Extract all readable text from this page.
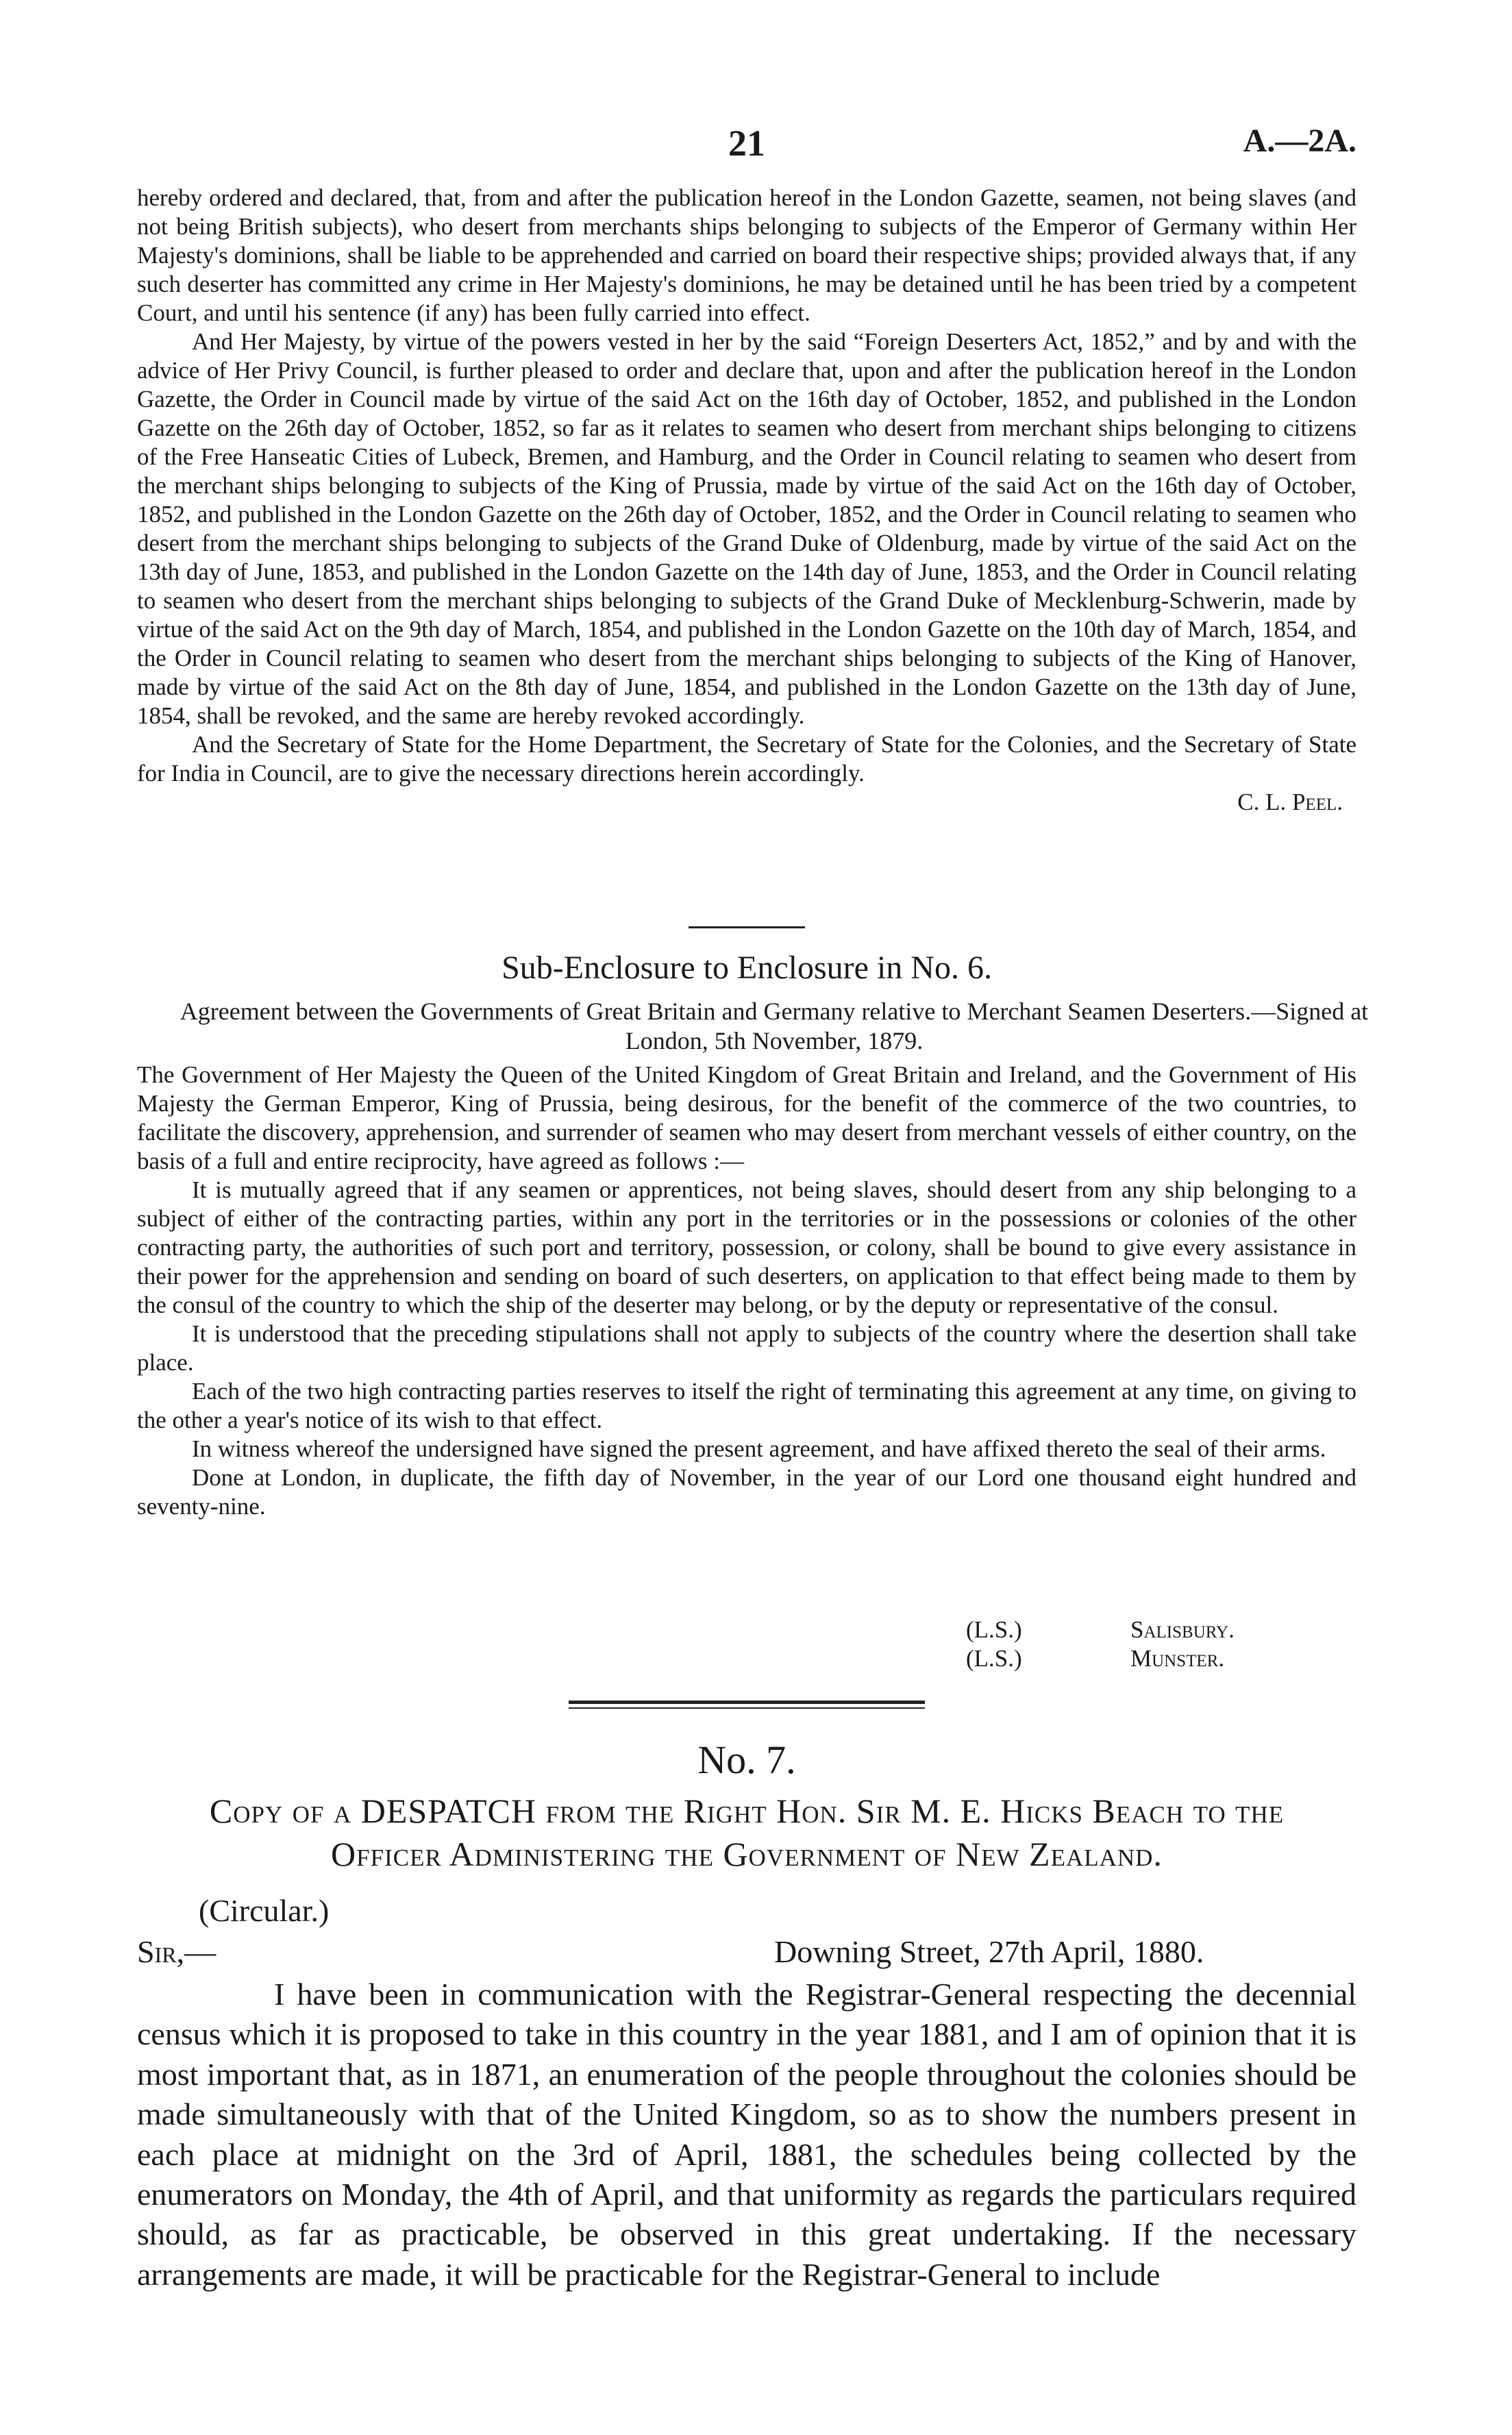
21	A.—2A.

hereby ordered and declared, that, from and after the publication hereof in the London Gazette, seamen, not being slaves (and not being British subjects), who desert from merchants ships belonging to subjects of the Emperor of Germany within Her Majesty's dominions, shall be liable to be apprehended and carried on board their respective ships; provided always that, if any such deserter has committed any crime in Her Majesty's dominions, he may be detained until he has been tried by a competent Court, and until his sentence (if any) has been fully carried into effect.

And Her Majesty, by virtue of the powers vested in her by the said “Foreign Deserters Act, 1852,” and by and with the advice of Her Privy Council, is further pleased to order and declare that, upon and after the publication hereof in the London Gazette, the Order in Council made by virtue of the said Act on the 16th day of October, 1852, and published in the London Gazette on the 26th day of October, 1852, so far as it relates to seamen who desert from merchant ships belonging to citizens of the Free Hanseatic Cities of Lubeck, Bremen, and Hamburg, and the Order in Council relating to seamen who desert from the merchant ships belonging to subjects of the King of Prussia, made by virtue of the said Act on the 16th day of October, 1852, and published in the London Gazette on the 26th day of October, 1852, and the Order in Council relating to seamen who desert from the merchant ships belonging to subjects of the Grand Duke of Oldenburg, made by virtue of the said Act on the 13th day of June, 1853, and published in the London Gazette on the 14th day of June, 1853, and the Order in Council relating to seamen who desert from the merchant ships belonging to subjects of the Grand Duke of Mecklenburg-Schwerin, made by virtue of the said Act on the 9th day of March, 1854, and published in the London Gazette on the 10th day of March, 1854, and the Order in Council relating to seamen who desert from the merchant ships belonging to subjects of the King of Hanover, made by virtue of the said Act on the 8th day of June, 1854, and published in the London Gazette on the 13th day of June, 1854, shall be revoked, and the same are hereby revoked accordingly.

And the Secretary of State for the Home Department, the Secretary of State for the Colonies, and the Secretary of State for India in Council, are to give the necessary directions herein accordingly.

C. L. Peel.
Sub-Enclosure to Enclosure in No. 6.
Agreement between the Governments of Great Britain and Germany relative to Merchant Seamen Deserters.—Signed at London, 5th November, 1879.

The Government of Her Majesty the Queen of the United Kingdom of Great Britain and Ireland, and the Government of His Majesty the German Emperor, King of Prussia, being desirous, for the benefit of the commerce of the two countries, to facilitate the discovery, apprehension, and surrender of seamen who may desert from merchant vessels of either country, on the basis of a full and entire reciprocity, have agreed as follows :—

It is mutually agreed that if any seamen or apprentices, not being slaves, should desert from any ship belonging to a subject of either of the contracting parties, within any port in the territories or in the possessions or colonies of the other contracting party, the authorities of such port and territory, possession, or colony, shall be bound to give every assistance in their power for the apprehension and sending on board of such deserters, on application to that effect being made to them by the consul of the country to which the ship of the deserter may belong, or by the deputy or representative of the consul.

It is understood that the preceding stipulations shall not apply to subjects of the country where the desertion shall take place.

Each of the two high contracting parties reserves to itself the right of terminating this agreement at any time, on giving to the other a year's notice of its wish to that effect.

In witness whereof the undersigned have signed the present agreement, and have affixed thereto the seal of their arms.

Done at London, in duplicate, the fifth day of November, in the year of our Lord one thousand eight hundred and seventy-nine.

(L.S.)	Salisbury.
(L.S.)	Munster.
No. 7.
Copy of a DESPATCH from the Right Hon. Sir M. E. Hicks Beach to the
Officer Administering the Government of New Zealand.
(Circular.)
Sir,—	Downing Street, 27th April, 1880.

I have been in communication with the Registrar-General respecting the decennial census which it is proposed to take in this country in the year 1881, and I am of opinion that it is most important that, as in 1871, an enumeration of the people throughout the colonies should be made simultaneously with that of the United Kingdom, so as to show the numbers present in each place at midnight on the 3rd of April, 1881, the schedules being collected by the enumerators on Monday, the 4th of April, and that uniformity as regards the particulars required should, as far as practicable, be observed in this great undertaking. If the necessary arrangements are made, it will be practicable for the Registrar-General to include
